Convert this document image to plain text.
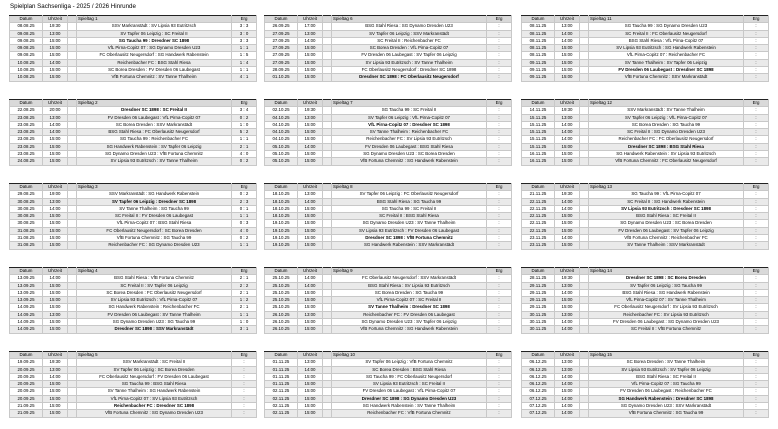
Spielplan Sachsenliga - 2025 / 2026 Hinrunde
Datum	Uhrzeit		Spieltag 1	Erg
08.08.25	19:30		SSV Markranstädt : SV Lipsia 93 Eutritzsch	3 : 3
09.08.25	13:00		SV Tapfer 06 Leipzig : SC Freital II	3 : 0
09.08.25	15:00		SG Taucha 99 : Dresdner SC 1898	3 : 3
09.08.25	15:00		VfL Pirna-Copitz 07 : SG Dynamo Dresden U23	1 : 1
09.08.25	15:00		FC Oberlausitz Neugersdorf : SG Handwerk Rabenstein	1 : 5
10.08.25	14:00		Reichenbacher FC : BSG Stahl Riesa	1 : 4
10.08.25	15:00		SC Borea Dresden : FV Dresden 06 Laubegast	1 : 1
10.08.25	15:00		VfB Fortuna Chemnitz : SV Tanne Thalheim	4 : 1
Datum	Uhrzeit		Spieltag 2	Erg
22.08.25	20:00		Dresdner SC 1898 : SC Freital II	3 : 4
23.08.25	13:00		FV Dresden 06 Laubegast : VfL Pirna-Copitz 07	0 : 2
23.08.25	14:00		SC Borea Dresden : SSV Markranstädt	1 : 0
23.08.25	14:00		BSG Stahl Riesa : FC Oberlausitz Neugersdorf	5 : 2
23.08.25	15:00		SG Taucha 99 : Reichenbacher FC	1 : 1
23.08.25	15:00		SG Handwerk Rabenstein : SV Tapfer 06 Leipzig	2 : 1
23.08.25	15:00		SG Dynamo Dresden U23 : VfB Fortuna Chemnitz	4 : 0
24.08.25	15:00		SV Lipsia 93 Eutritzsch : SV Tanne Thalheim	0 : 2
Datum	Uhrzeit		Spieltag 3	Erg
29.08.25	19:00		SSV Markranstädt : SG Handwerk Rabenstein	0 : 2
30.08.25	13:00		SV Tapfer 06 Leipzig : Dresdner SC 1898	2 : 3
30.08.25	14:00		SV Tanne Thalheim : SG Taucha 99	0 : 1
30.08.25	15:00		SC Freital II : FV Dresden 06 Laubegast	1 : 1
30.08.25	15:00		VfL Pirna-Copitz 07 : BSG Stahl Riesa	0 : 3
31.08.25	15:00		FC Oberlausitz Neugersdorf : SC Borea Dresden	4 : 0
31.08.25	15:00		VfB Fortuna Chemnitz : SG Taucha 99	0 : 2
31.08.25	15:00		Reichenbacher FC : SG Dynamo Dresden U23	1 : 1
Datum	Uhrzeit		Spieltag 4	Erg
13.09.25	14:00		BSG Stahl Riesa : VfB Fortuna Chemnitz	2 : 1
13.09.25	15:00		SC Freital II : SV Tapfer 06 Leipzig	2 : 2
13.09.25	15:00		SC Borea Dresden : FC Oberlausitz Neugersdorf	2 : 1
13.09.25	15:00		SV Lipsia 93 Eutritzsch : VfL Pirna-Copitz 07	1 : 2
14.09.25	15:00		SG Handwerk Rabenstein : Reichenbacher FC	2 : 1
14.09.25	13:00		FV Dresden 06 Laubegast : SV Tanne Thalheim	1 : 1
14.09.25	15:00		SG Dynamo Dresden U23 : SG Taucha 99	1 : 0
14.09.25	15:00		Dresdner SC 1898 : SSV Markranstädt	3 : 1
Datum	Uhrzeit		Spieltag 5	Erg
19.09.25	19:30		SSV Markranstädt : SC Freital II	:
20.09.25	13:00		SV Tapfer 06 Leipzig : SC Borea Dresden	:
20.09.25	14:00		FC Oberlausitz Neugersdorf : FV Dresden 06 Laubegast	:
20.09.25	15:00		SG Taucha 99 : BSG Stahl Riesa	:
20.09.25	15:00		SV Tanne Thalheim : SG Handwerk Rabenstein	:
20.09.25	15:00		VfL Pirna-Copitz 07 : SV Lipsia 93 Eutritzsch	:
21.09.25	15:00		Reichenbacher FC : Dresdner SC 1898	:
21.09.25	15:00		VfB Fortuna Chemnitz : SG Dynamo Dresden U23	:
Datum	Uhrzeit		Spieltag 6	Erg
26.09.25	17:00		BSG Stahl Riesa : SG Dynamo Dresden U23	:
27.09.25	13:00		SV Tapfer 06 Leipzig : SSV Markranstädt	:
27.09.25	14:00		SC Freital II : Reichenbacher FC	:
27.09.25	15:00		SC Borea Dresden : VfL Pirna-Copitz 07	:
27.09.25	15:00		FV Dresden 06 Laubegast : SV Tapfer 06 Leipzig	:
27.09.25	15:00		SV Lipsia 93 Eutritzsch : SV Tanne Thalheim	:
28.09.25	15:00		FC Oberlausitz Neugersdorf : Dresdner SC 1898	:
01.10.25	15:00		Dresdner SC 1898 : FC Oberlausitz Neugersdorf	:
Datum	Uhrzeit		Spieltag 7	Erg
02.10.25	19:30		SG Taucha 99 : SC Freital II	:
04.10.25	13:00		SV Tapfer 06 Leipzig : VfL Pirna-Copitz 07	:
04.10.25	15:00		VfL Pirna-Copitz 07 : Dresdner SC 1898	:
04.10.25	15:00		SV Tanne Thalheim : Reichenbacher FC	:
04.10.25	15:00		Reichenbacher FC : SV Lipsia 93 Eutritzsch	:
05.10.25	14:00		FV Dresden 06 Laubegast : BSG Stahl Riesa	:
05.10.25	15:00		SG Dynamo Dresden U23 : SC Borea Dresden	:
05.10.25	15:00		VfB Fortuna Chemnitz : SG Handwerk Rabenstein	:
Datum	Uhrzeit		Spieltag 8	Erg
18.10.25	13:00		SV Tapfer 06 Leipzig : FC Oberlausitz Neugersdorf	:
18.10.25	14:00		BSG Stahl Riesa : SG Taucha 99	:
18.10.25	15:00		SG Taucha 99 : SC Freital II	:
18.10.25	15:00		SC Freital II : BSG Stahl Riesa	:
19.10.25	15:00		SG Dynamo Dresden U23 : SV Tanne Thalheim	:
19.10.25	15:00		SV Lipsia 93 Eutritzsch : FV Dresden 06 Laubegast	:
19.10.25	15:00		Dresdner SC 1898 : VfB Fortuna Chemnitz	:
19.10.25	15:00		SG Handwerk Rabenstein : SSV Markranstädt	:
Datum	Uhrzeit		Spieltag 9	Erg
25.10.25	14:00		FC Oberlausitz Neugersdorf : SSV Markranstädt	:
25.10.25	14:00		BSG Stahl Riesa : SV Lipsia 93 Eutritzsch	:
25.10.25	15:00		SC Borea Dresden : SG Taucha 99	:
25.10.25	15:00		VfL Pirna-Copitz 07 : SC Freital II	:
25.10.25	15:00		SV Tanne Thalheim : Dresdner SC 1898	:
26.10.25	13:00		Reichenbacher FC : FV Dresden 06 Laubegast	:
26.10.25	15:00		SG Dynamo Dresden U23 : SV Tapfer 06 Leipzig	:
26.10.25	15:00		VfB Fortuna Chemnitz : SG Handwerk Rabenstein	:
Datum	Uhrzeit		Spieltag 10	Erg
01.11.25	13:00		SV Tapfer 06 Leipzig : VfB Fortuna Chemnitz	:
01.11.25	14:00		SC Borea Dresden : BSG Stahl Riesa	:
01.11.25	15:00		SG Taucha 99 : FC Oberlausitz Neugersdorf	:
01.11.25	15:00		SV Lipsia 93 Eutritzsch : SC Freital II	:
02.11.25	15:00		FV Dresden 06 Laubegast : VfL Pirna-Copitz 07	:
02.11.25	15:00		Dresdner SC 1898 : SG Dynamo Dresden U23	:
02.11.25	15:00		SG Handwerk Rabenstein : SV Tanne Thalheim	:
02.11.25	15:00		Reichenbacher FC : VfB Fortuna Chemnitz	:
Datum	Uhrzeit		Spieltag 11	Erg
08.11.25	13:00		SG Taucha 99 : SG Dynamo Dresden U23	:
08.11.25	14:00		SC Freital II : FC Oberlausitz Neugersdorf	:
08.11.25	14:00		BSG Stahl Riesa : VfL Pirna-Copitz 07	:
08.11.25	15:00		SV Lipsia 93 Eutritzsch : SG Handwerk Rabenstein	:
08.11.25	15:00		VfL Pirna-Copitz 07 : Reichenbacher FC	:
09.11.25	15:00		SV Tanne Thalheim : SV Tapfer 06 Leipzig	:
09.11.25	15:00		FV Dresden 06 Laubegast : Dresdner SC 1898	:
09.11.25	15:00		VfB Fortuna Chemnitz : SSV Markranstädt	:
Datum	Uhrzeit		Spieltag 12	Erg
14.11.25	19:30		SSV Markranstädt : SV Tanne Thalheim	:
15.11.25	13:00		SV Tapfer 06 Leipzig : VfL Pirna-Copitz 07	:
15.11.25	14:00		SC Borea Dresden : SG Taucha 99	:
15.11.25	14:00		SC Freital II : SG Dynamo Dresden U23	:
15.11.25	14:00		Reichenbacher FC : FC Oberlausitz Neugersdorf	:
15.11.25	15:00		Dresdner SC 1898 : BSG Stahl Riesa	:
16.11.25	15:00		SG Handwerk Rabenstein : SV Lipsia 93 Eutritzsch	:
16.11.25	15:00		VfB Fortuna Chemnitz : FC Oberlausitz Neugersdorf	:
Datum	Uhrzeit		Spieltag 13	Erg
21.11.25	19:30		SG Taucha 99 : VfL Pirna-Copitz 07	:
22.11.25	14:00		SC Freital II : SG Handwerk Rabenstein	:
22.11.25	14:00		SV Lipsia 93 Eutritzsch : Dresdner SC 1898	:
22.11.25	15:00		BSG Stahl Riesa : SC Freital II	:
22.11.25	15:00		SG Dynamo Dresden U23 : SC Borea Dresden	:
22.11.25	15:00		FV Dresden 06 Laubegast : SV Tapfer 06 Leipzig	:
23.11.25	14:00		VfB Fortuna Chemnitz : Reichenbacher FC	:
23.11.25	15:00		SV Tanne Thalheim : SSV Markranstädt	:
Datum	Uhrzeit		Spieltag 14	Erg
28.11.25	19:30		Dresdner SC 1898 : SC Borea Dresden	:
29.11.25	13:00		SV Tapfer 06 Leipzig : SG Taucha 99	:
29.11.25	14:00		BSG Stahl Riesa : SG Handwerk Rabenstein	:
29.11.25	15:00		VfL Pirna-Copitz 07 : SV Tanne Thalheim	:
29.11.25	15:00		FC Oberlausitz Neugersdorf : SV Lipsia 93 Eutritzsch	:
30.11.25	13:00		Reichenbacher FC : SV Lipsia 93 Eutritzsch	:
30.11.25	14:00		FV Dresden 06 Laubegast : SG Dynamo Dresden U23	:
30.11.25	14:00		SC Freital II : VfB Fortuna Chemnitz	:
Datum	Uhrzeit		Spieltag 15	Erg
06.12.25	13:00		SC Borea Dresden : SV Tanne Thalheim	:
06.12.25	13:00		SV Lipsia 93 Eutritzsch : SV Tapfer 06 Leipzig	:
06.12.25	14:00		BSG Stahl Riesa : SC Freital II	:
06.12.25	14:00		VfL Pirna-Copitz 07 : SG Taucha 99	:
06.12.25	15:00		FV Dresden 06 Laubegast : Reichenbacher FC	:
07.12.25	14:00		SG Handwerk Rabenstein : Dresdner SC 1898	:
07.12.25	14:00		SG Dynamo Dresden U23 : SSV Markranstädt	:
07.12.25	14:00		VfB Fortuna Chemnitz : SG Taucha 99	:
